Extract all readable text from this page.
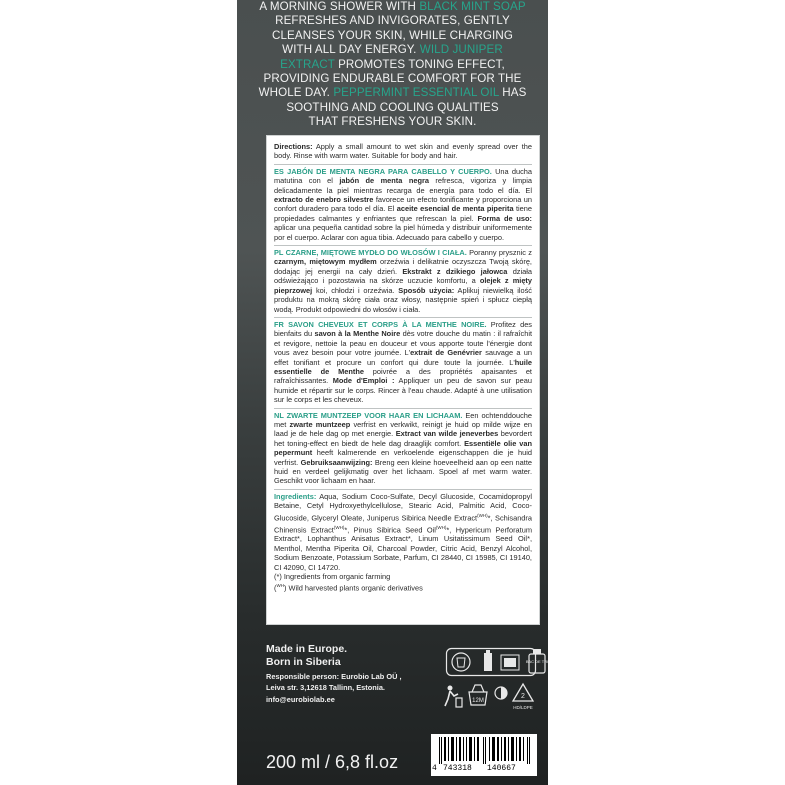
A MORNING SHOWER WITH BLACK MINT SOAP
REFRESHES AND INVIGORATES, GENTLY
CLEANSES YOUR SKIN, WHILE CHARGING
WITH ALL DAY ENERGY. WILD JUNIPER
EXTRACT PROMOTES TONING EFFECT,
PROVIDING ENDURABLE COMFORT FOR THE
WHOLE DAY. PEPPERMINT ESSENTIAL OIL HAS
SOOTHING AND COOLING QUALITIES
THAT FRESHENS YOUR SKIN.
Made in Europe.
Born in Siberia
Responsible person: Eurobio Lab OÜ ,
Leiva str. 3,12618 Tallinn, Estonia.
info@eurobiolab.ee
200 ml / 6,8 fl.oz
BAC DE TRI
12M
2
HD/LDPE
4 743318 140667
Directions: Apply a small amount to wet skin and evenly spread over the body. Rinse with warm water. Suitable for body and hair.
ES JABÓN DE MENTA NEGRA PARA CABELLO Y CUERPO. Una ducha matutina con el jabón de menta negra refresca, vigoriza y limpia delicadamente la piel mientras recarga de energía para todo el día. El extracto de enebro silvestre favorece un efecto tonificante y proporciona un confort duradero para todo el día. El aceite esencial de menta piperita tiene propiedades calmantes y enfriantes que refrescan la piel. Forma de uso: aplicar una pequeña cantidad sobre la piel húmeda y distribuir uniformemente por el cuerpo. Aclarar con agua tibia. Adecuado para cabello y cuerpo.
PL CZARNE, MIĘTOWE MYDŁO DO WŁOSÓW I CIAŁA. Poranny prysznic z czarnym, miętowym mydłem orzeźwia i delikatnie oczyszcza Twoją skórę, dodając jej energii na cały dzień. Ekstrakt z dzikiego jałowca działa odświeżająco i pozostawia na skórze uczucie komfortu, a olejek z mięty pieprzowej koi, chłodzi i orzeźwia. Sposób użycia: Aplikuj niewielką ilość produktu na mokrą skórę ciała oraz włosy, następnie spień i spłucz ciepłą wodą. Produkt odpowiedni do włosów i ciała.
FR SAVON CHEVEUX ET CORPS À LA MENTHE NOIRE. Profitez des bienfaits du savon à la Menthe Noire dès votre douche du matin : il rafraîchit et revigore, nettoie la peau en douceur et vous apporte toute l'énergie dont vous avez besoin pour votre journée. L'extrait de Genévrier sauvage a un effet tonifiant et procure un confort qui dure toute la journée. L'huile essentielle de Menthe poivrée a des propriétés apaisantes et rafraîchissantes. Mode d'Emploi : Appliquer un peu de savon sur peau humide et répartir sur le corps. Rincer à l'eau chaude. Adapté à une utilisation sur le corps et les cheveux.
NL ZWARTE MUNTZEEP VOOR HAAR EN LICHAAM. Een ochtenddouche met zwarte muntzeep verfrist en verkwikt, reinigt je huid op milde wijze en laad je de hele dag op met energie. Extract van wilde jeneverbes bevordert het toning-effect en biedt de hele dag draaglijk comfort. Essentiële olie van pepermunt heeft kalmerende en verkoelende eigenschappen die je huid verfrist. Gebruiksaanwijzing: Breng een kleine hoeveelheid aan op een natte huid en verdeel gelijkmatig over het lichaam. Spoel af met warm water. Geschikt voor lichaam en haar.
Ingredients: Aqua, Sodium Coco-Sulfate, Decyl Glucoside, Cocamidopropyl Betaine, Cetyl Hydroxyethylcellulose, Stearic Acid, Palmitic Acid, Coco-Glucoside, Glyceryl Oleate, Juniperus Sibirica Needle Extract$^{(WH)}$*, Schisandra Chinensis Extract$^{(WH)}$*, Pinus Sibirica Seed Oil$^{(WH)}$*, Hypericum Perforatum Extract*, Lophanthus Anisatus Extract*, Linum Usitatissimum Seed Oil*, Menthol, Mentha Piperita Oil, Charcoal Powder, Citric Acid, Benzyl Alcohol, Sodium Benzoate, Potassium Sorbate, Parfum, CI 28440, CI 15985, CI 19140, CI 42090, CI 14720.
(*) Ingredients from organic farming
($^{WH}$) Wild harvested plants organic derivatives
